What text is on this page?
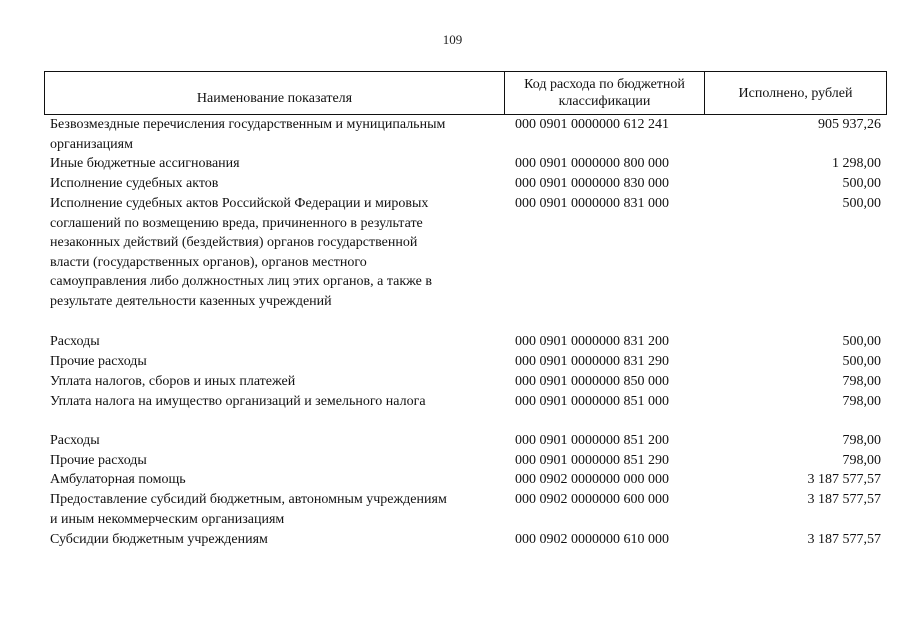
109
Наименование показателя
Код расхода по бюджетной классификации
Исполнено, рублей
Безвозмездные перечисления государственным и муниципальным
организациям
000 0901 0000000 612 241	905 937,26
Иные бюджетные ассигнования	000 0901 0000000 800 000	1 298,00
Исполнение судебных актов	000 0901 0000000 830 000	500,00
Исполнение судебных актов Российской Федерации и мировых
соглашений по возмещению вреда, причиненного в результате
незаконных действий (бездействия) органов государственной
власти (государственных органов), органов местного
самоуправления либо должностных лиц этих органов, а также в
результате деятельности казенных учреждений
000 0901 0000000 831 000	500,00
Расходы	000 0901 0000000 831 200	500,00
Прочие расходы	000 0901 0000000 831 290	500,00
Уплата налогов, сборов и иных платежей	000 0901 0000000 850 000	798,00
Уплата налога на имущество организаций и земельного налога	000 0901 0000000 851 000	798,00
Расходы	000 0901 0000000 851 200	798,00
Прочие расходы	000 0901 0000000 851 290	798,00
Амбулаторная помощь	000 0902 0000000 000 000	3 187 577,57
Предоставление субсидий бюджетным, автономным учреждениям
и иным некоммерческим организациям
000 0902 0000000 600 000	3 187 577,57
Субсидии бюджетным учреждениям	000 0902 0000000 610 000	3 187 577,57
